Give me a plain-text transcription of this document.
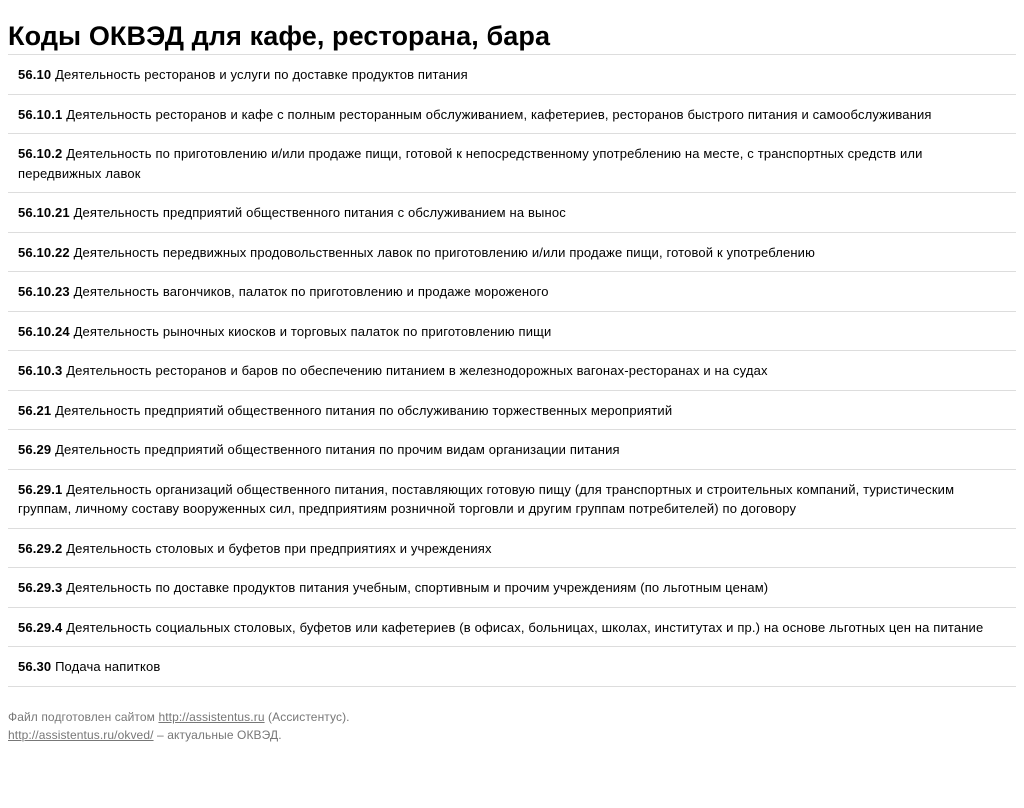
Коды ОКВЭД для кафе, ресторана, бара
56.10 Деятельность ресторанов и услуги по доставке продуктов питания
56.10.1 Деятельность ресторанов и кафе с полным ресторанным обслуживанием, кафетериев, ресторанов быстрого питания и самообслуживания
56.10.2 Деятельность по приготовлению и/или продаже пищи, готовой к непосредственному употреблению на месте, с транспортных средств или передвижных лавок
56.10.21 Деятельность предприятий общественного питания с обслуживанием на вынос
56.10.22 Деятельность передвижных продовольственных лавок по приготовлению и/или продаже пищи, готовой к употреблению
56.10.23 Деятельность вагончиков, палаток по приготовлению и продаже мороженого
56.10.24 Деятельность рыночных киосков и торговых палаток по приготовлению пищи
56.10.3 Деятельность ресторанов и баров по обеспечению питанием в железнодорожных вагонах-ресторанах и на судах
56.21 Деятельность предприятий общественного питания по обслуживанию торжественных мероприятий
56.29 Деятельность предприятий общественного питания по прочим видам организации питания
56.29.1 Деятельность организаций общественного питания, поставляющих готовую пищу (для транспортных и строительных компаний, туристическим группам, личному составу вооруженных сил, предприятиям розничной торговли и другим группам потребителей) по договору
56.29.2 Деятельность столовых и буфетов при предприятиях и учреждениях
56.29.3 Деятельность по доставке продуктов питания учебным, спортивным и прочим учреждениям (по льготным ценам)
56.29.4 Деятельность социальных столовых, буфетов или кафетериев (в офисах, больницах, школах, институтах и пр.) на основе льготных цен на питание
56.30 Подача напитков
Файл подготовлен сайтом http://assistentus.ru (Ассистентус).
http://assistentus.ru/okved/ – актуальные ОКВЭД.
